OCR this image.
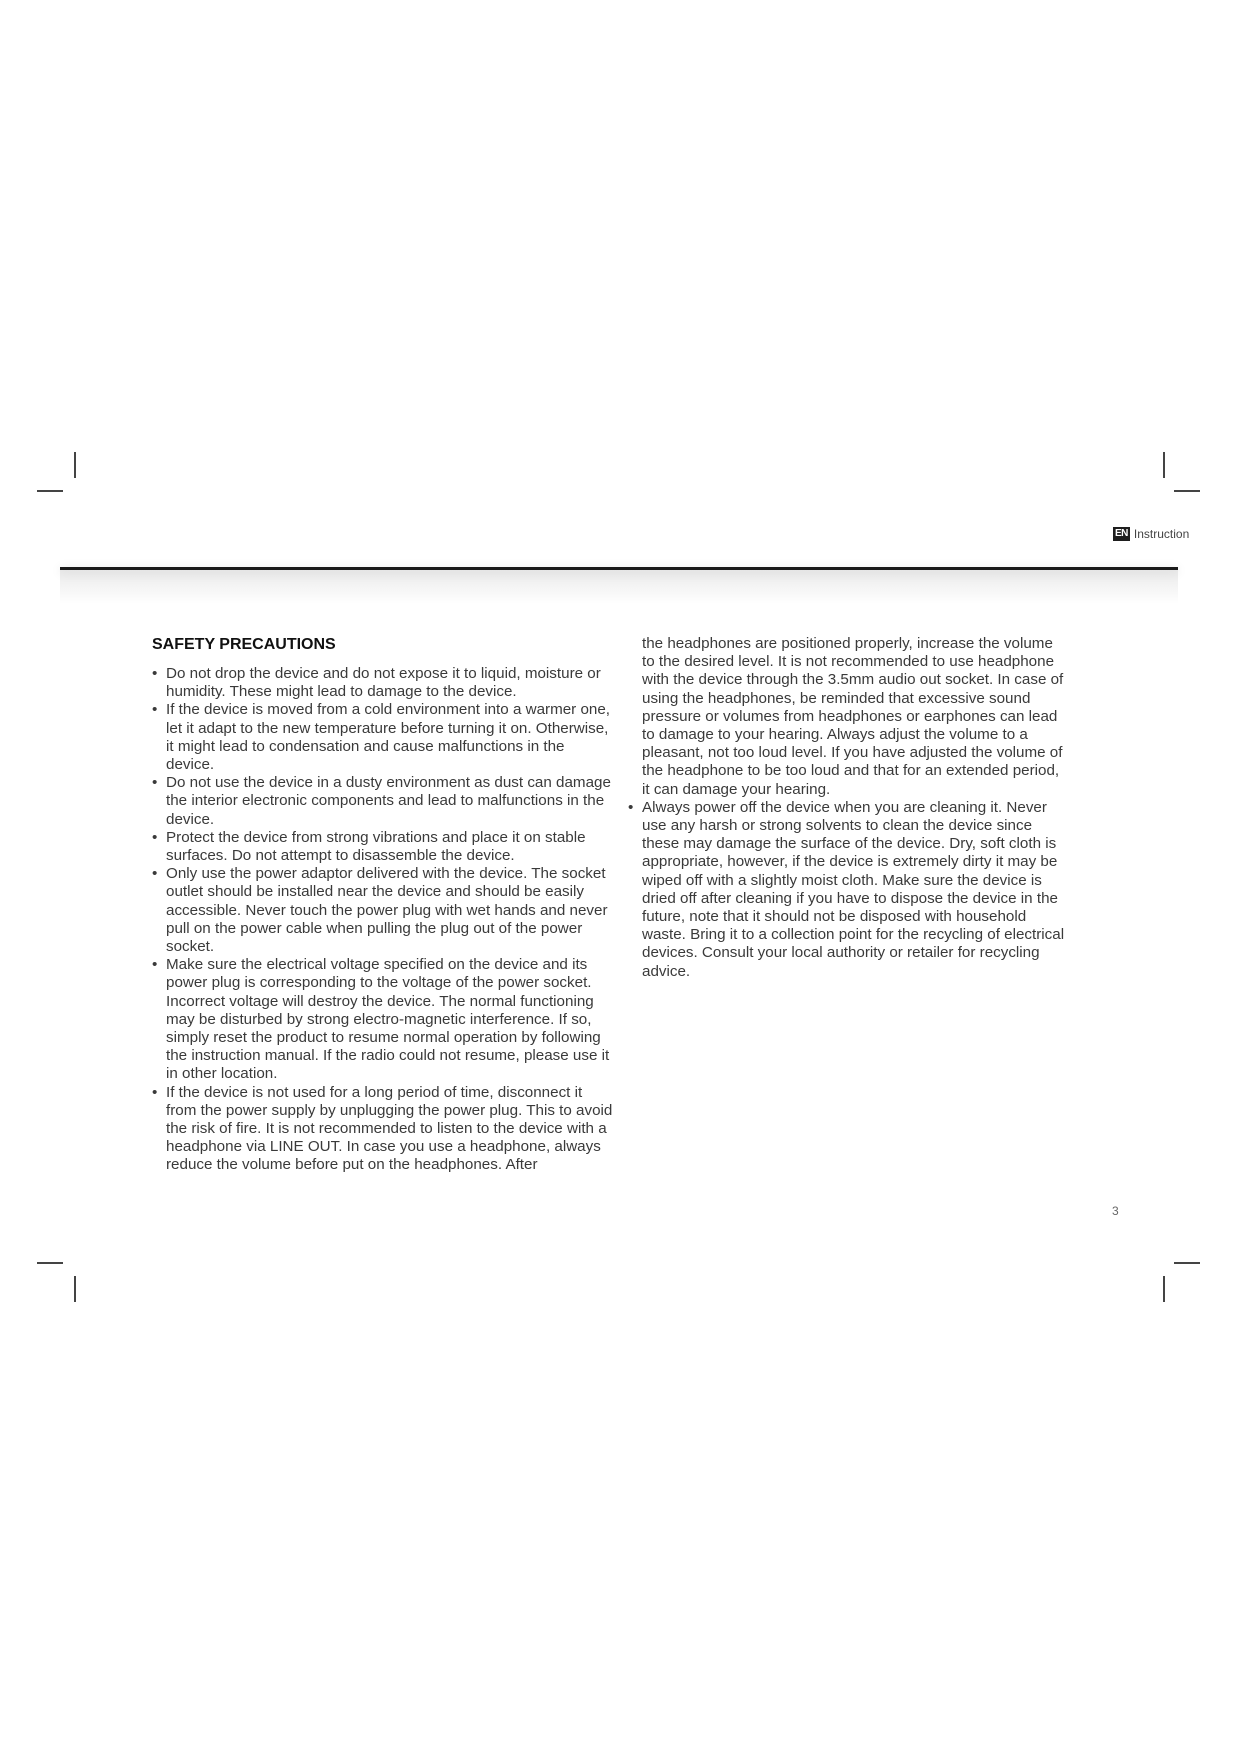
EN Instruction
SAFETY PRECAUTIONS
• Do not drop the device and do not expose it to liquid, moisture or humidity. These might lead to damage to the device.
• If the device is moved from a cold environment into a warmer one, let it adapt to the new temperature before turning it on. Otherwise, it might lead to condensation and cause malfunctions in the device.
• Do not use the device in a dusty environment as dust can damage the interior electronic components and lead to malfunctions in the device.
• Protect the device from strong vibrations and place it on stable surfaces. Do not attempt to disassemble the device.
• Only use the power adaptor delivered with the device. The socket outlet should be installed near the device and should be easily accessible. Never touch the power plug with wet hands and never pull on the power cable when pulling the plug out of the power socket.
• Make sure the electrical voltage specified on the device and its power plug is corresponding to the voltage of the power socket. Incorrect voltage will destroy the device. The normal functioning may be disturbed by strong electro-magnetic interference. If so, simply reset the product to resume normal operation by following the instruction manual. If the radio could not resume, please use it in other location.
• If the device is not used for a long period of time, disconnect it from the power supply by unplugging the power plug. This to avoid the risk of fire. It is not recommended to listen to the device with a headphone via LINE OUT. In case you use a headphone, always reduce the volume before put on the headphones. After

the headphones are positioned properly, increase the volume to the desired level. It is not recommended to use headphone with the device through the 3.5mm audio out socket. In case of using the headphones, be reminded that excessive sound pressure or volumes from headphones or earphones can lead to damage to your hearing. Always adjust the volume to a pleasant, not too loud level. If you have adjusted the volume of the headphone to be too loud and that for an extended period, it can damage your hearing.

• Always power off the device when you are cleaning it. Never use any harsh or strong solvents to clean the device since these may damage the surface of the device. Dry, soft cloth is appropriate, however, if the device is extremely dirty it may be wiped off with a slightly moist cloth. Make sure the device is dried off after cleaning if you have to dispose the device in the future, note that it should not be disposed with household waste. Bring it to a collection point for the recycling of electrical devices. Consult your local authority or retailer for recycling advice.
3
